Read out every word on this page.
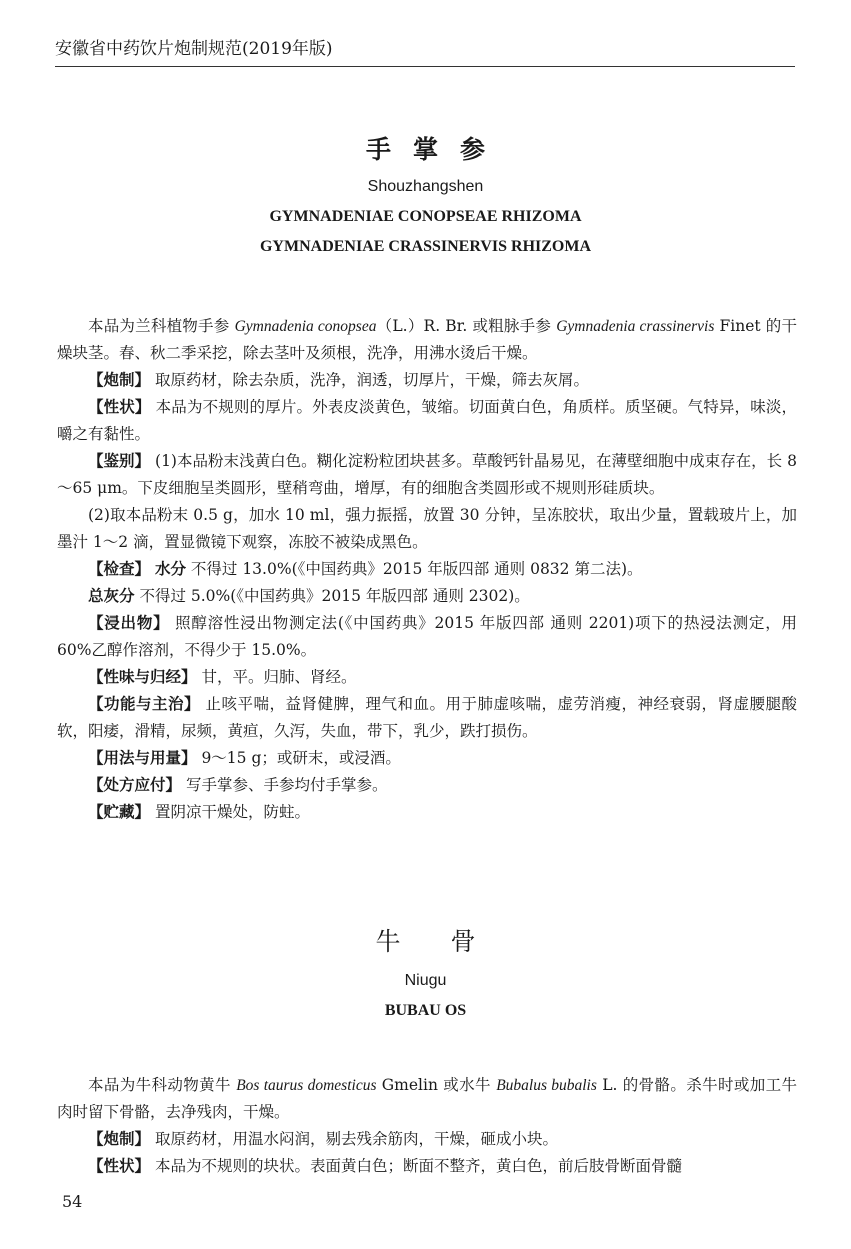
安徽省中药饮片炮制规范(2019年版)
手掌参
Shouzhangshen
GYMNADENIAE CONOPSEAE RHIZOMA
GYMNADENIAE CRASSINERVIS RHIZOMA

本品为兰科植物手参 Gymnadenia conopsea（L.）R. Br. 或粗脉手参 Gymnadenia crassinervis Finet 的干燥块茎。春、秋二季采挖，除去茎叶及须根，洗净，用沸水烫后干燥。

【炮制】 取原药材，除去杂质，洗净，润透，切厚片，干燥，筛去灰屑。

【性状】 本品为不规则的厚片。外表皮淡黄色，皱缩。切面黄白色，角质样。质坚硬。气特异，味淡，嚼之有黏性。

【鉴别】 (1)本品粉末浅黄白色。糊化淀粉粒团块甚多。草酸钙针晶易见，在薄壁细胞中成束存在，长 8～65 μm。下皮细胞呈类圆形，壁稍弯曲，增厚，有的细胞含类圆形或不规则形硅质块。

(2)取本品粉末 0.5 g，加水 10 ml，强力振摇，放置 30 分钟，呈冻胶状，取出少量，置载玻片上，加墨汁 1～2 滴，置显微镜下观察，冻胶不被染成黑色。

【检查】 水分 不得过 13.0%(《中国药典》2015 年版四部 通则 0832 第二法)。

总灰分 不得过 5.0%(《中国药典》2015 年版四部 通则 2302)。

【浸出物】 照醇溶性浸出物测定法(《中国药典》2015 年版四部 通则 2201)项下的热浸法测定，用 60%乙醇作溶剂，不得少于 15.0%。

【性味与归经】 甘，平。归肺、肾经。

【功能与主治】 止咳平喘，益肾健脾，理气和血。用于肺虚咳喘，虚劳消瘦，神经衰弱，肾虚腰腿酸软，阳痿，滑精，尿频，黄疸，久泻，失血，带下，乳少，跌打损伤。

【用法与用量】 9～15 g；或研末，或浸酒。

【处方应付】 写手掌参、手参均付手掌参。

【贮藏】 置阴凉干燥处，防蛀。

牛骨
Niugu
BUBAU OS

本品为牛科动物黄牛 Bos taurus domesticus Gmelin 或水牛 Bubalus bubalis L. 的骨骼。杀牛时或加工牛肉时留下骨骼，去净残肉，干燥。

【炮制】 取原药材，用温水闷润，剔去残余筋肉，干燥，砸成小块。

【性状】 本品为不规则的块状。表面黄白色；断面不整齐，黄白色，前后肢骨断面骨髓

54
